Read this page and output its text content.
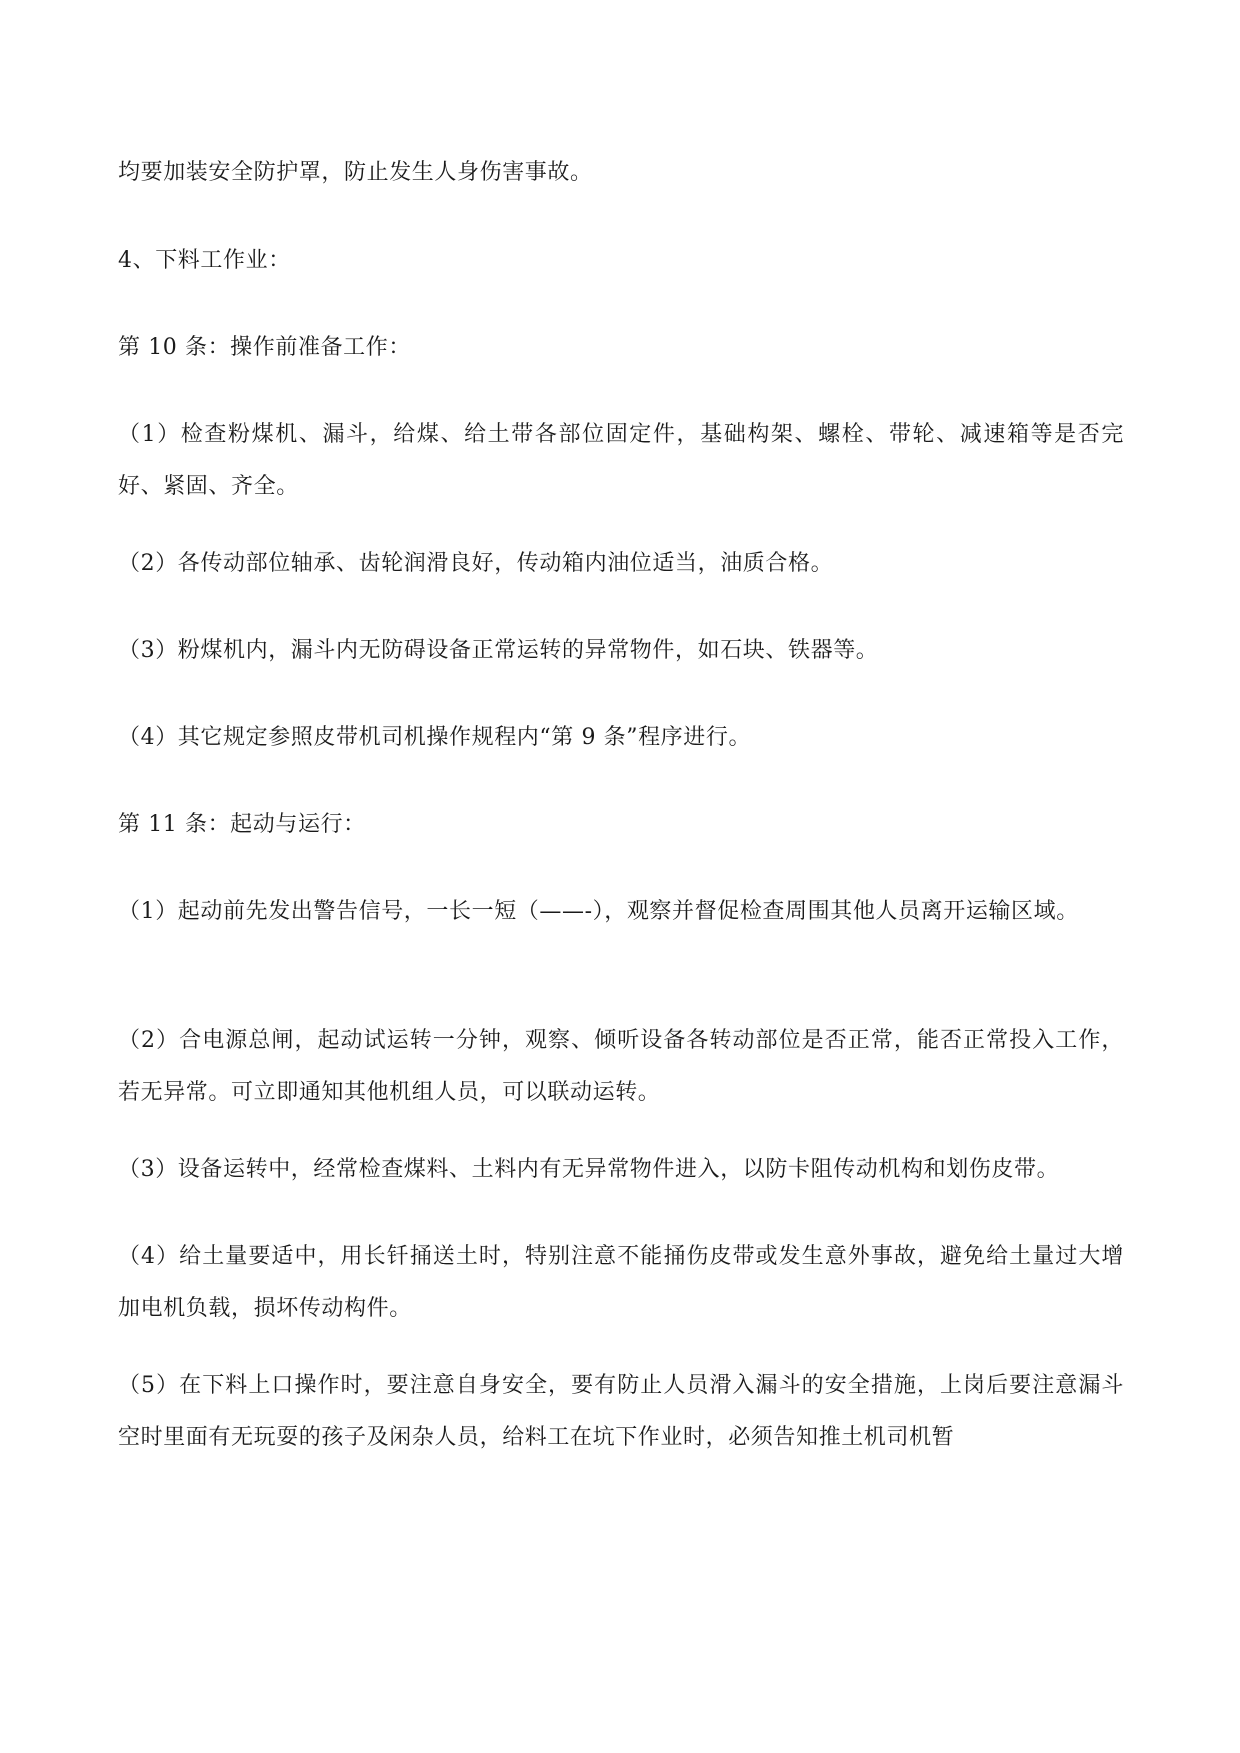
均要加装安全防护罩，防止发生人身伤害事故。

4、下料工作业：

第 10 条：操作前准备工作：

（1）检查粉煤机、漏斗，给煤、给土带各部位固定件，基础构架、螺栓、带轮、减速箱等是否完好、紧固、齐全。

（2）各传动部位轴承、齿轮润滑良好，传动箱内油位适当，油质合格。

（3）粉煤机内，漏斗内无防碍设备正常运转的异常物件，如石块、铁器等。

（4）其它规定参照皮带机司机操作规程内“第 9 条”程序进行。

第 11 条：起动与运行：

（1）起动前先发出警告信号，一长一短（——-），观察并督促检查周围其他人员离开运输区域。

（2）合电源总闸，起动试运转一分钟，观察、倾听设备各转动部位是否正常，能否正常投入工作，若无异常。可立即通知其他机组人员，可以联动运转。

（3）设备运转中，经常检查煤料、土料内有无异常物件进入，以防卡阻传动机构和划伤皮带。

（4）给土量要适中，用长钎捅送土时，特别注意不能捅伤皮带或发生意外事故，避免给土量过大增加电机负载，损坏传动构件。

（5）在下料上口操作时，要注意自身安全，要有防止人员滑入漏斗的安全措施，上岗后要注意漏斗空时里面有无玩耍的孩子及闲杂人员，给料工在坑下作业时，必须告知推土机司机暂
